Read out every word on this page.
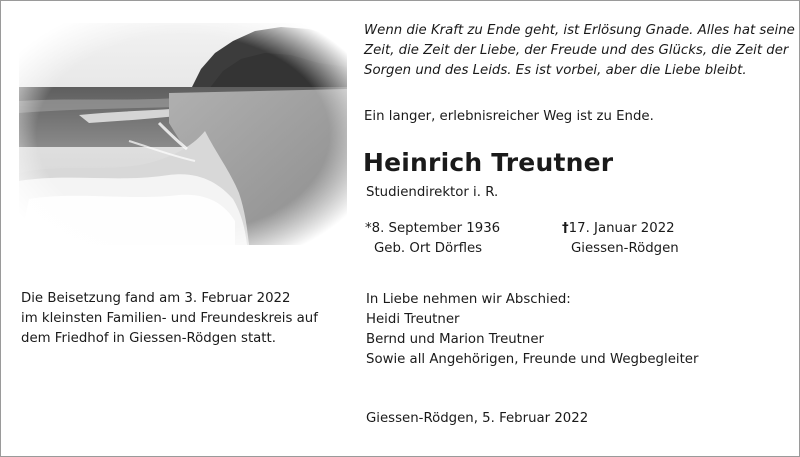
Wenn die Kraft zu Ende geht, ist Erlösung Gnade. Alles hat seine
Zeit, die Zeit der Liebe, der Freude und des Glücks, die Zeit der
Sorgen und des Leids. Es ist vorbei, aber die Liebe bleibt.
Ein langer, erlebnisreicher Weg ist zu Ende.
Heinrich Treutner
Studiendirektor i. R.
*8. September 1936
Geb. Ort Dörfles
†17. Januar 2022
Giessen-Rödgen
Die Beisetzung fand am 3. Februar 2022
im kleinsten Familien- und Freundeskreis auf
dem Friedhof in Giessen-Rödgen statt.
In Liebe nehmen wir Abschied:
Heidi Treutner
Bernd und Marion Treutner
Sowie all Angehörigen, Freunde und Wegbegleiter
Giessen-Rödgen, 5. Februar 2022
